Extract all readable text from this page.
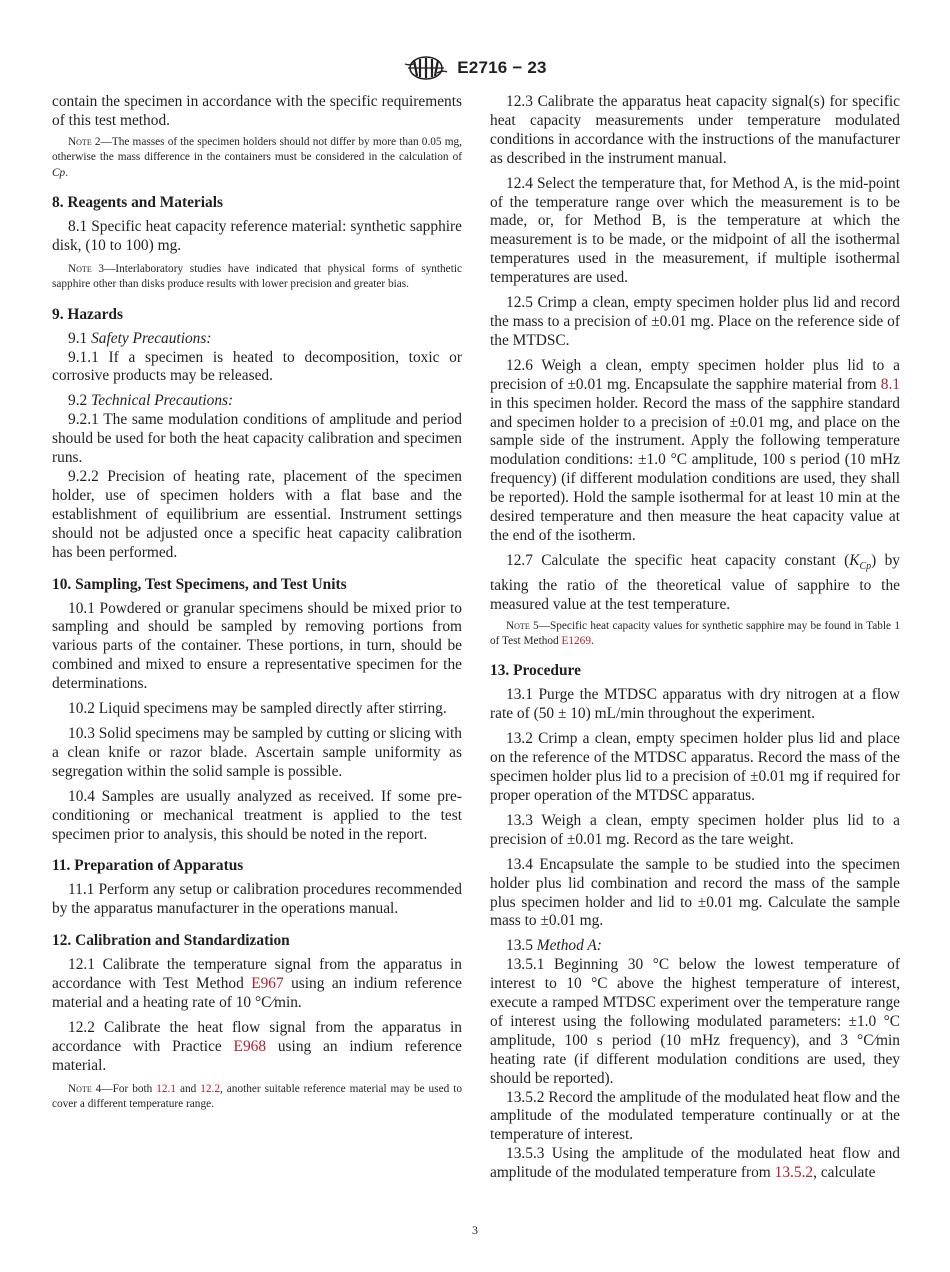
E2716 − 23

contain the specimen in accordance with the specific requirements of this test method.

Note 2—The masses of the specimen holders should not differ by more than 0.05 mg, otherwise the mass difference in the containers must be considered in the calculation of Cp.

8. Reagents and Materials

8.1 Specific heat capacity reference material: synthetic sapphire disk, (10 to 100) mg.

Note 3—Interlaboratory studies have indicated that physical forms of synthetic sapphire other than disks produce results with lower precision and greater bias.

9. Hazards

9.1 Safety Precautions:

9.1.1 If a specimen is heated to decomposition, toxic or corrosive products may be released.

9.2 Technical Precautions:

9.2.1 The same modulation conditions of amplitude and period should be used for both the heat capacity calibration and specimen runs.

9.2.2 Precision of heating rate, placement of the specimen holder, use of specimen holders with a flat base and the establishment of equilibrium are essential. Instrument settings should not be adjusted once a specific heat capacity calibration has been performed.

10. Sampling, Test Specimens, and Test Units

10.1 Powdered or granular specimens should be mixed prior to sampling and should be sampled by removing portions from various parts of the container. These portions, in turn, should be combined and mixed to ensure a representative specimen for the determinations.

10.2 Liquid specimens may be sampled directly after stirring.

10.3 Solid specimens may be sampled by cutting or slicing with a clean knife or razor blade. Ascertain sample uniformity as segregation within the solid sample is possible.

10.4 Samples are usually analyzed as received. If some pre-conditioning or mechanical treatment is applied to the test specimen prior to analysis, this should be noted in the report.

11. Preparation of Apparatus

11.1 Perform any setup or calibration procedures recommended by the apparatus manufacturer in the operations manual.

12. Calibration and Standardization

12.1 Calibrate the temperature signal from the apparatus in accordance with Test Method E967 using an indium reference material and a heating rate of 10 °C⁄min.

12.2 Calibrate the heat flow signal from the apparatus in accordance with Practice E968 using an indium reference material.

Note 4—For both 12.1 and 12.2, another suitable reference material may be used to cover a different temperature range.

12.3 Calibrate the apparatus heat capacity signal(s) for specific heat capacity measurements under temperature modulated conditions in accordance with the instructions of the manufacturer as described in the instrument manual.

12.4 Select the temperature that, for Method A, is the mid-point of the temperature range over which the measurement is to be made, or, for Method B, is the temperature at which the measurement is to be made, or the midpoint of all the isothermal temperatures used in the measurement, if multiple isothermal temperatures are used.

12.5 Crimp a clean, empty specimen holder plus lid and record the mass to a precision of ±0.01 mg. Place on the reference side of the MTDSC.

12.6 Weigh a clean, empty specimen holder plus lid to a precision of ±0.01 mg. Encapsulate the sapphire material from 8.1 in this specimen holder. Record the mass of the sapphire standard and specimen holder to a precision of ±0.01 mg, and place on the sample side of the instrument. Apply the following temperature modulation conditions: ±1.0 °C amplitude, 100 s period (10 mHz frequency) (if different modulation conditions are used, they shall be reported). Hold the sample isothermal for at least 10 min at the desired temperature and then measure the heat capacity value at the end of the isotherm.

12.7 Calculate the specific heat capacity constant $(K_{Cp})$ by taking the ratio of the theoretical value of sapphire to the measured value at the test temperature.

Note 5—Specific heat capacity values for synthetic sapphire may be found in Table 1 of Test Method E1269.

13. Procedure

13.1 Purge the MTDSC apparatus with dry nitrogen at a flow rate of (50 ± 10) mL/min throughout the experiment.

13.2 Crimp a clean, empty specimen holder plus lid and place on the reference of the MTDSC apparatus. Record the mass of the specimen holder plus lid to a precision of ±0.01 mg if required for proper operation of the MTDSC apparatus.

13.3 Weigh a clean, empty specimen holder plus lid to a precision of ±0.01 mg. Record as the tare weight.

13.4 Encapsulate the sample to be studied into the specimen holder plus lid combination and record the mass of the sample plus specimen holder and lid to ±0.01 mg. Calculate the sample mass to ±0.01 mg.

13.5 Method A:

13.5.1 Beginning 30 °C below the lowest temperature of interest to 10 °C above the highest temperature of interest, execute a ramped MTDSC experiment over the temperature range of interest using the following modulated parameters: ±1.0 °C amplitude, 100 s period (10 mHz frequency), and 3 °C⁄min heating rate (if different modulation conditions are used, they should be reported).

13.5.2 Record the amplitude of the modulated heat flow and the amplitude of the modulated temperature continually or at the temperature of interest.

13.5.3 Using the amplitude of the modulated heat flow and amplitude of the modulated temperature from 13.5.2, calculate

3
